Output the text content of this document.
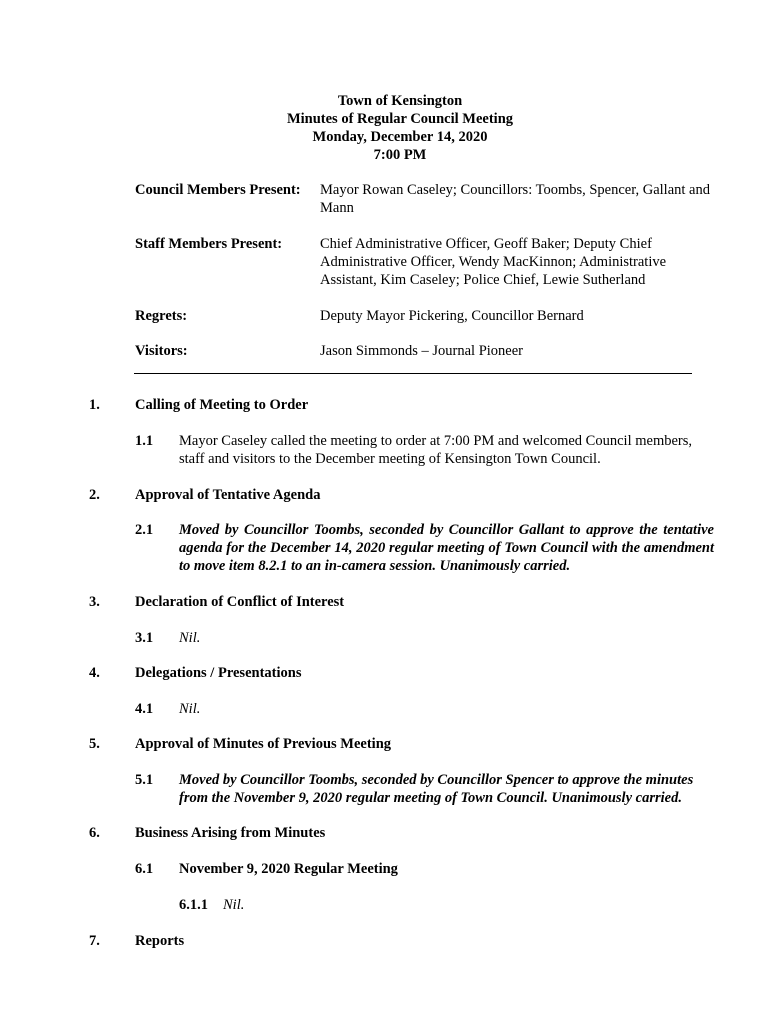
Town of Kensington
Minutes of Regular Council Meeting
Monday, December 14, 2020
7:00 PM
Council Members Present: Mayor Rowan Caseley; Councillors: Toombs, Spencer, Gallant and Mann
Staff Members Present:	Chief Administrative Officer, Geoff Baker; Deputy Chief Administrative Officer, Wendy MacKinnon; Administrative Assistant, Kim Caseley; Police Chief, Lewie Sutherland
Regrets:	Deputy Mayor Pickering, Councillor Bernard
Visitors:	Jason Simmonds – Journal Pioneer
1. Calling of Meeting to Order
1.1 Mayor Caseley called the meeting to order at 7:00 PM and welcomed Council members, staff and visitors to the December meeting of Kensington Town Council.
2. Approval of Tentative Agenda
2.1 Moved by Councillor Toombs, seconded by Councillor Gallant to approve the tentative agenda for the December 14, 2020 regular meeting of Town Council with the amendment to move item 8.2.1 to an in-camera session. Unanimously carried.
3. Declaration of Conflict of Interest
3.1 Nil.
4. Delegations / Presentations
4.1 Nil.
5. Approval of Minutes of Previous Meeting
5.1 Moved by Councillor Toombs, seconded by Councillor Spencer to approve the minutes from the November 9, 2020 regular meeting of Town Council. Unanimously carried.
6. Business Arising from Minutes
6.1 November 9, 2020 Regular Meeting
6.1.1 Nil.
7. Reports
